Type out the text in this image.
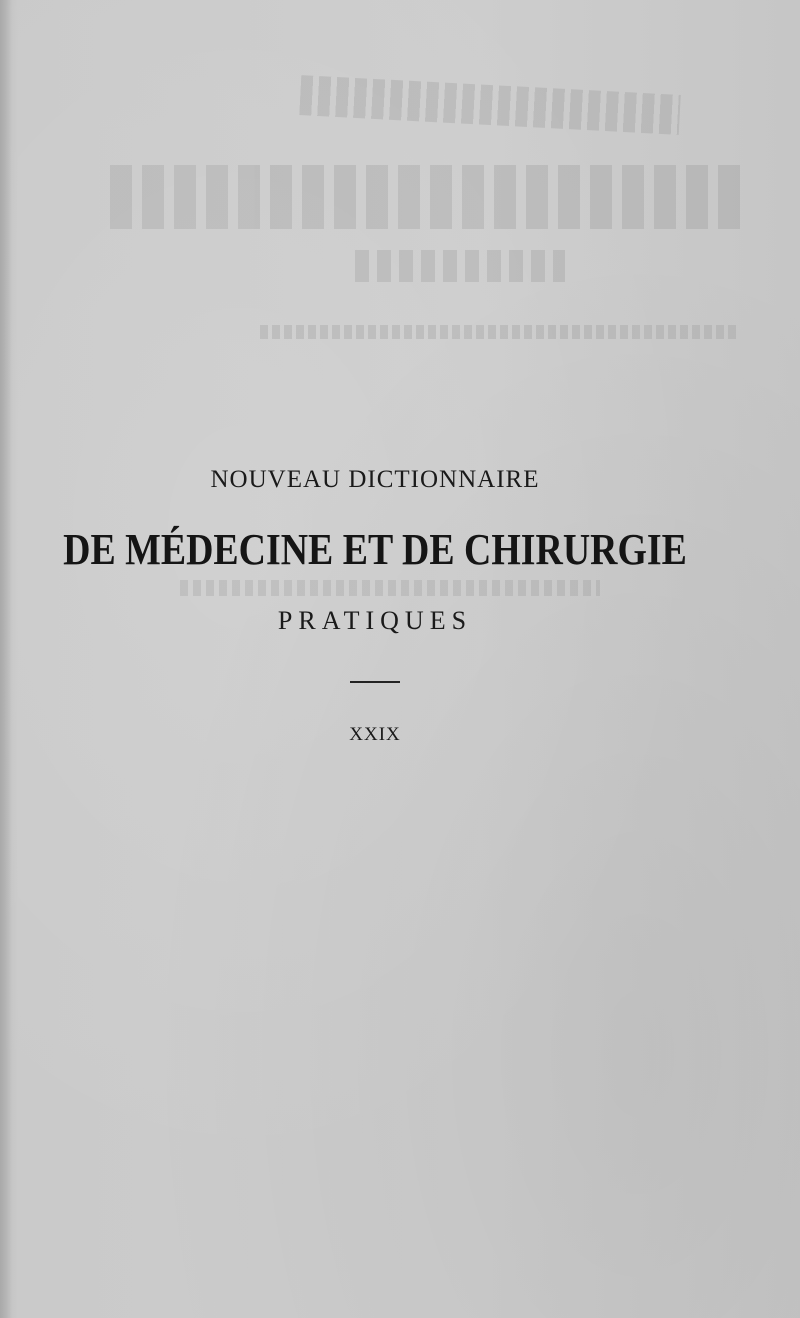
NOUVEAU DICTIONNAIRE
DE MÉDECINE ET DE CHIRURGIE
PRATIQUES
XXIX
